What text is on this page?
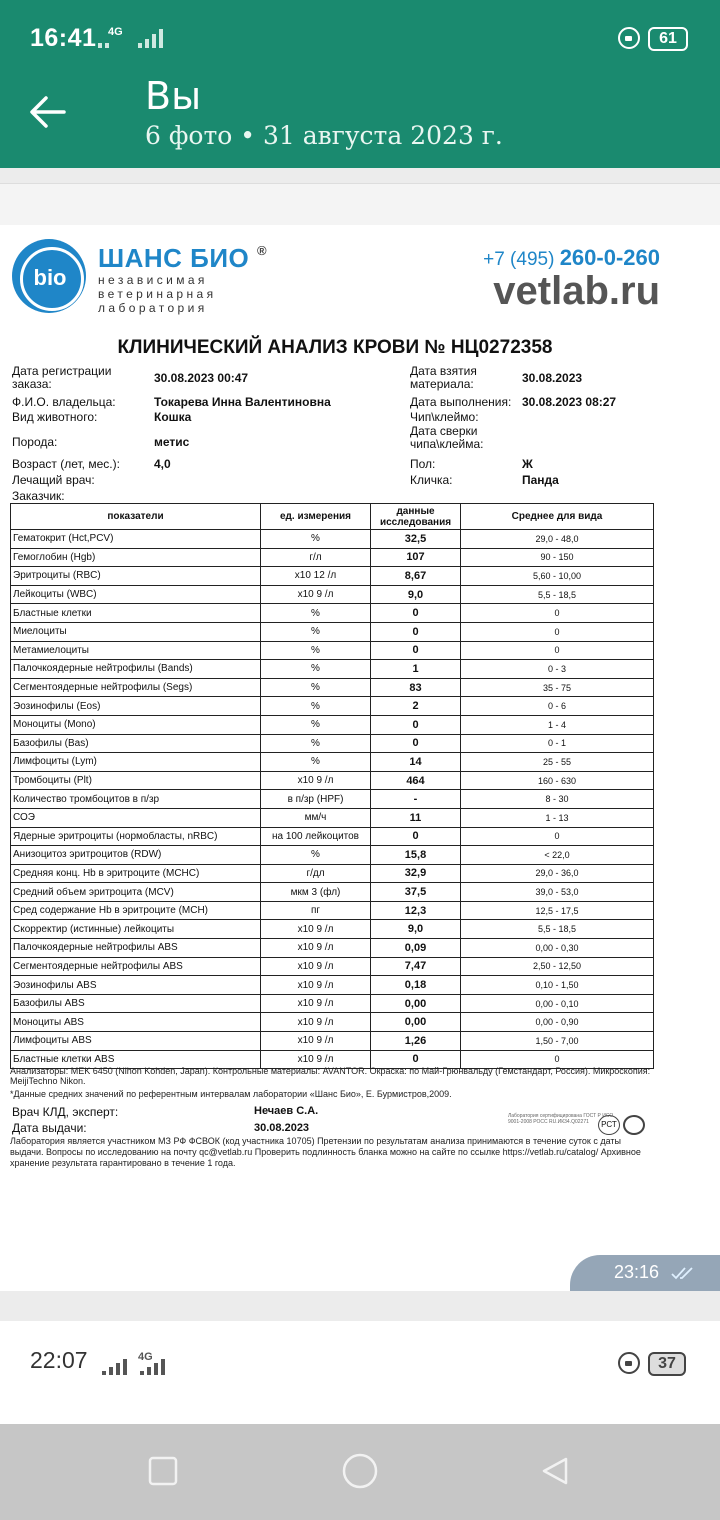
16:41 4G	61
Вы
6 фото • 31 августа 2023 г.
bio
ШАНС БИО ®
независимая
ветеринарная
лаборатория
+7 (495) 260-0-260
vetlab.ru
КЛИНИЧЕСКИЙ АНАЛИЗ КРОВИ № НЦ0272358
Дата регистрации заказа:	30.08.2023 00:47
Ф.И.О. владельца:	Токарева Инна Валентиновна
Вид животного:	Кошка
Порода:	метис
Возраст (лет, мес.):	4,0
Лечащий врач:
Заказчик:
Дата взятия материала:	30.08.2023
Дата выполнения: 30.08.2023 08:27
Чип\клеймо:
Дата сверки чипа\клейма:
Пол:	Ж
Кличка:	Панда
показатели	ед. измерения	данные исследования	Среднее для вида
Гематокрит (Hct,PCV)	%	32,5	29,0 - 48,0
Гемоглобин (Hgb)	г/л	107	90 - 150
Эритроциты (RBC)	x10 12 /л	8,67	5,60 - 10,00
Лейкоциты (WBC)	x10 9 /л	9,0	5,5 - 18,5
Бластные клетки	%	0	0
Миелоциты	%	0	0
Метамиелоциты	%	0	0
Палочкоядерные нейтрофилы (Bands)	%	1	0 - 3
Сегментоядерные нейтрофилы (Segs)	%	83	35 - 75
Эозинофилы (Eos)	%	2	0 - 6
Моноциты (Mono)	%	0	1 - 4
Базофилы (Bas)	%	0	0 - 1
Лимфоциты (Lym)	%	14	25 - 55
Тромбоциты (Plt)	x10 9 /л	464	160 - 630
Количество тромбоцитов в п/зр	в п/зр (HPF)	-	8 - 30
СОЭ	мм/ч	11	1 - 13
Ядерные эритроциты (нормобласты, nRBC)	на 100 лейкоцитов	0	0
Анизоцитоз эритроцитов (RDW)	%	15,8	< 22,0
Средняя конц. Hb в эритроците (MCHC)	г/дл	32,9	29,0 - 36,0
Средний объем эритроцита (MCV)	мкм 3 (фл)	37,5	39,0 - 53,0
Сред содержание Hb в эритроците (MCH)	пг	12,3	12,5 - 17,5
Скорректир (истинные) лейкоциты	x10 9 /л	9,0	5,5 - 18,5
Палочкоядерные нейтрофилы ABS	x10 9 /л	0,09	0,00 - 0,30
Сегментоядерные нейтрофилы ABS	x10 9 /л	7,47	2,50 - 12,50
Эозинофилы ABS	x10 9 /л	0,18	0,10 - 1,50
Базофилы ABS	x10 9 /л	0,00	0,00 - 0,10
Моноциты ABS	x10 9 /л	0,00	0,00 - 0,90
Лимфоциты ABS	x10 9 /л	1,26	1,50 - 7,00
Бластные клетки ABS	x10 9 /л	0	0
Анализаторы: MEK 6450 (Nihon Kohden, Japan). Контрольные материалы: AVANTOR. Окраска: по Май-Грюнвальду (Гемстандарт, Россия). Микроскопия: MeijiTechno Nikon.
*Данные средних значений по референтным интервалам лаборатории «Шанс Био», Е. Бурмистров,2009.
Врач КЛД, эксперт:	Нечаев С.А.
Дата выдачи:	30.08.2023
Лаборатория сертифицирована ГОСТ Р ИСО 9001-2008 РОСС RU.ИК34.Q02271	РСТ
Лаборатория является участником МЗ РФ ФСВОК (код участника 10705) Претензии по результатам анализа принимаются в течение суток с даты выдачи. Вопросы по исследованию на почту qc@vetlab.ru Проверить подлинность бланка можно на сайте по ссылке https://vetlab.ru/catalog/ Архивное хранение результата гарантировано в течение 1 года.
23:16
22:07	4G	37
